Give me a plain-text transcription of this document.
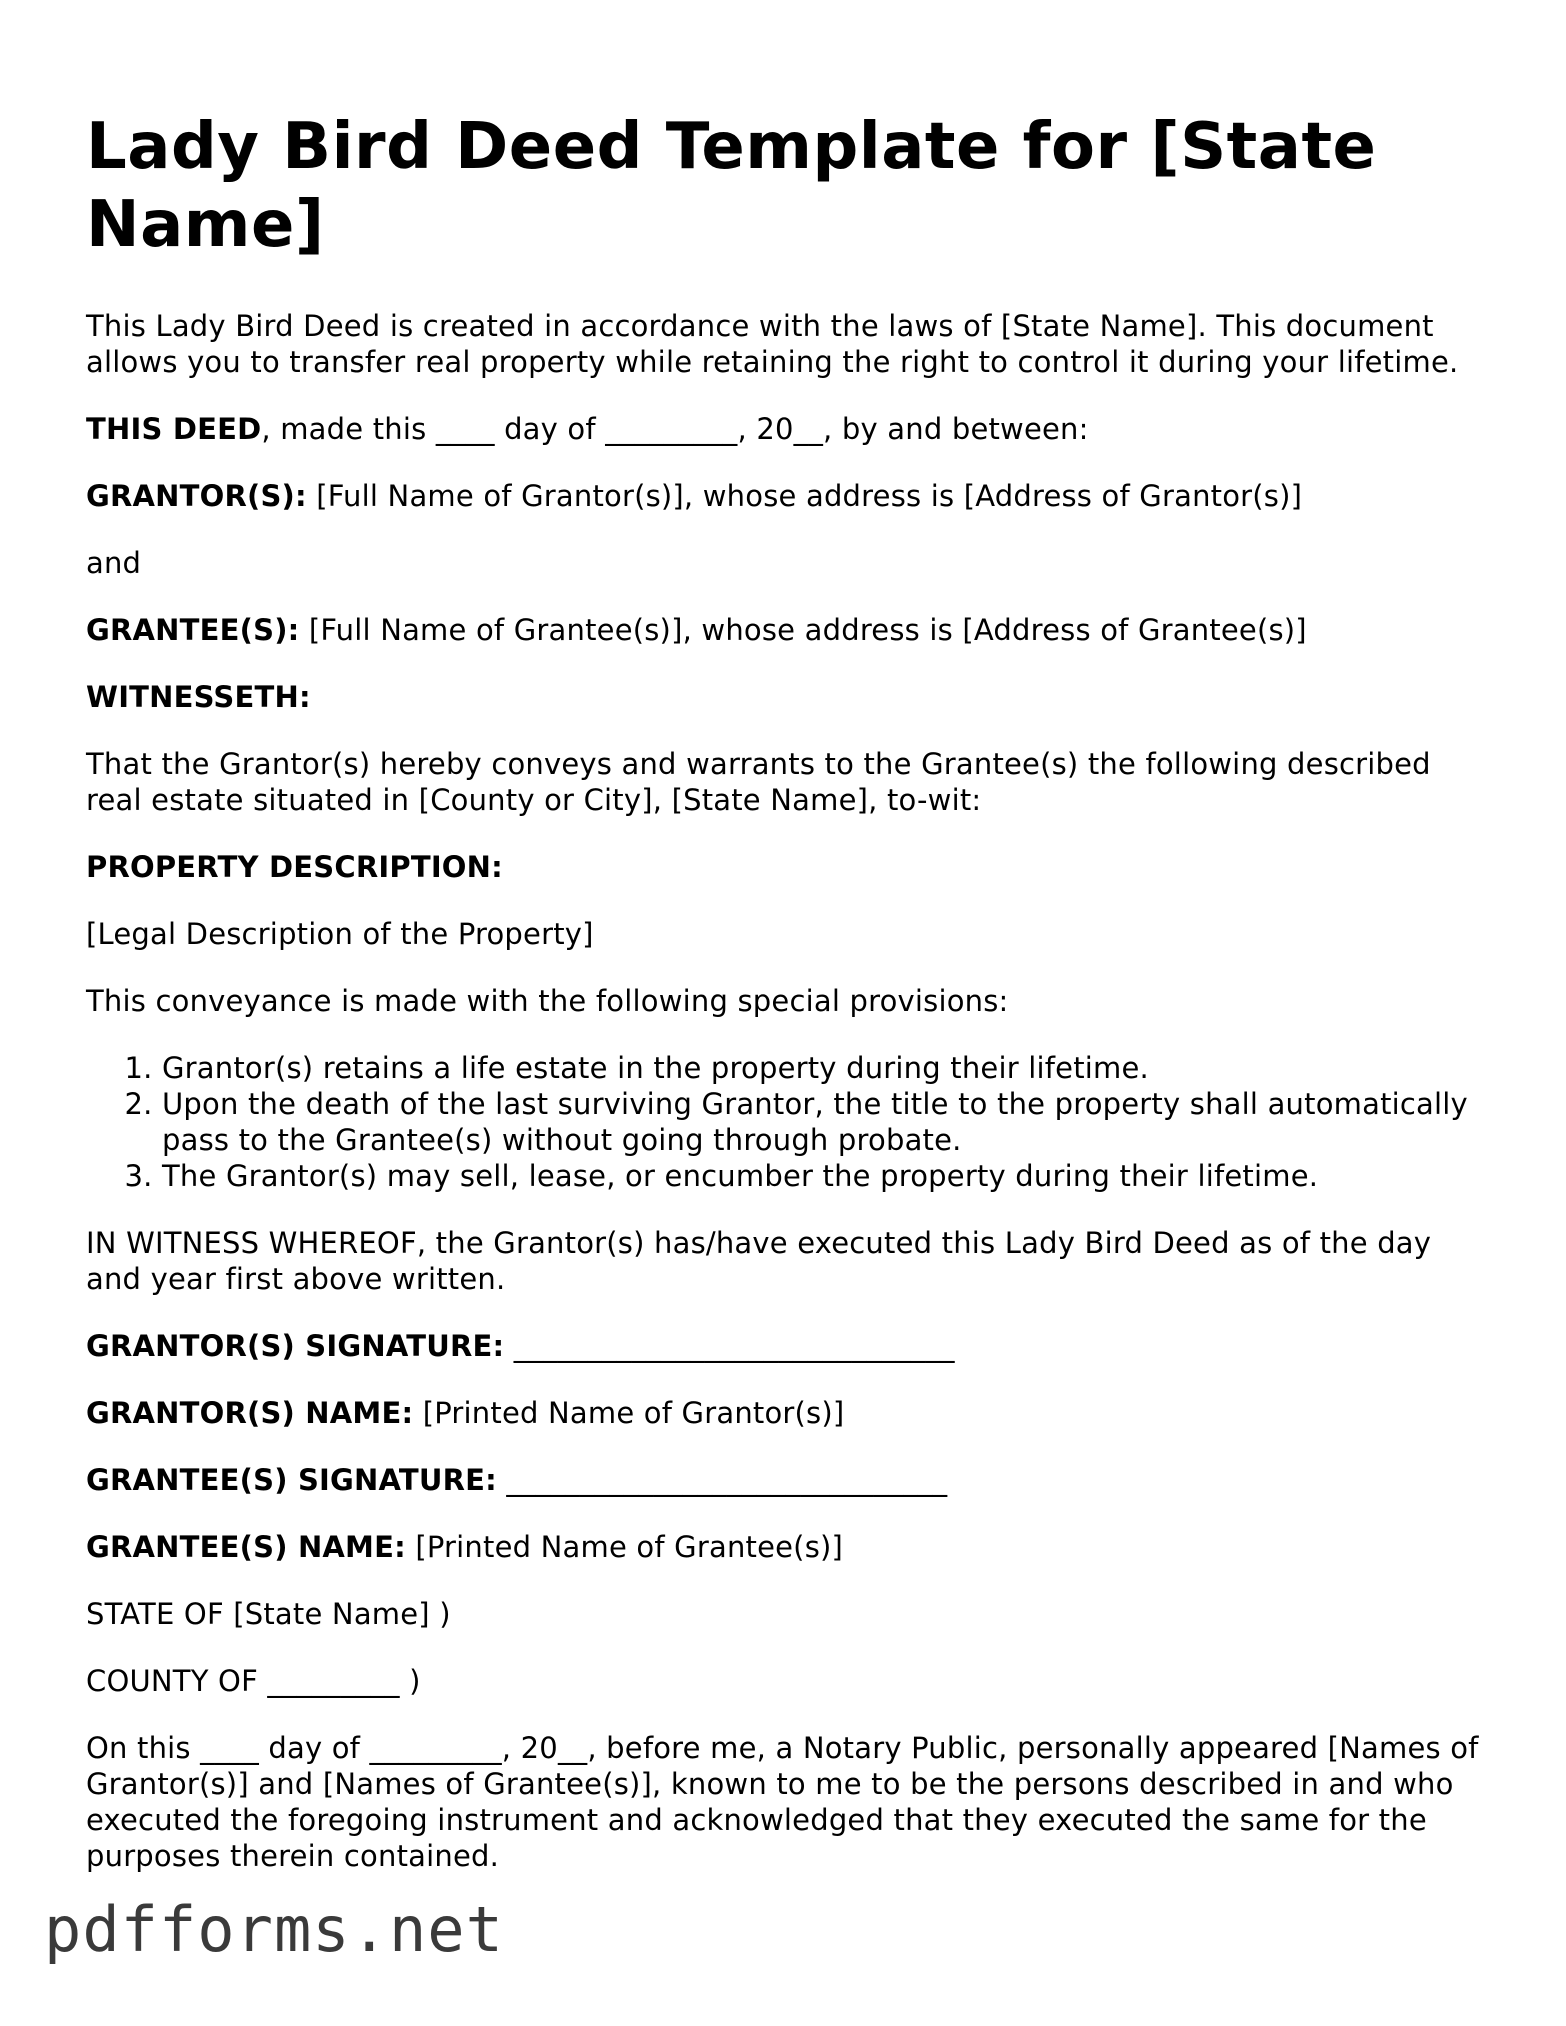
Lady Bird Deed Template for [State Name]

This Lady Bird Deed is created in accordance with the laws of [State Name]. This document allows you to transfer real property while retaining the right to control it during your lifetime.

THIS DEED, made this ____ day of _________, 20__, by and between:

GRANTOR(S): [Full Name of Grantor(s)], whose address is [Address of Grantor(s)]

and

GRANTEE(S): [Full Name of Grantee(s)], whose address is [Address of Grantee(s)]

WITNESSETH:

That the Grantor(s) hereby conveys and warrants to the Grantee(s) the following described real estate situated in [County or City], [State Name], to-wit:

PROPERTY DESCRIPTION:

[Legal Description of the Property]

This conveyance is made with the following special provisions:

1. Grantor(s) retains a life estate in the property during their lifetime.
2. Upon the death of the last surviving Grantor, the title to the property shall automatically pass to the Grantee(s) without going through probate.
3. The Grantor(s) may sell, lease, or encumber the property during their lifetime.

IN WITNESS WHEREOF, the Grantor(s) has/have executed this Lady Bird Deed as of the day and year first above written.

GRANTOR(S) SIGNATURE: ______________________________

GRANTOR(S) NAME: [Printed Name of Grantor(s)]

GRANTEE(S) SIGNATURE: ______________________________

GRANTEE(S) NAME: [Printed Name of Grantee(s)]

STATE OF [State Name] )

COUNTY OF _________ )

On this ____ day of _________, 20__, before me, a Notary Public, personally appeared [Names of Grantor(s)] and [Names of Grantee(s)], known to me to be the persons described in and who executed the foregoing instrument and acknowledged that they executed the same for the purposes therein contained.

pdfforms.net
